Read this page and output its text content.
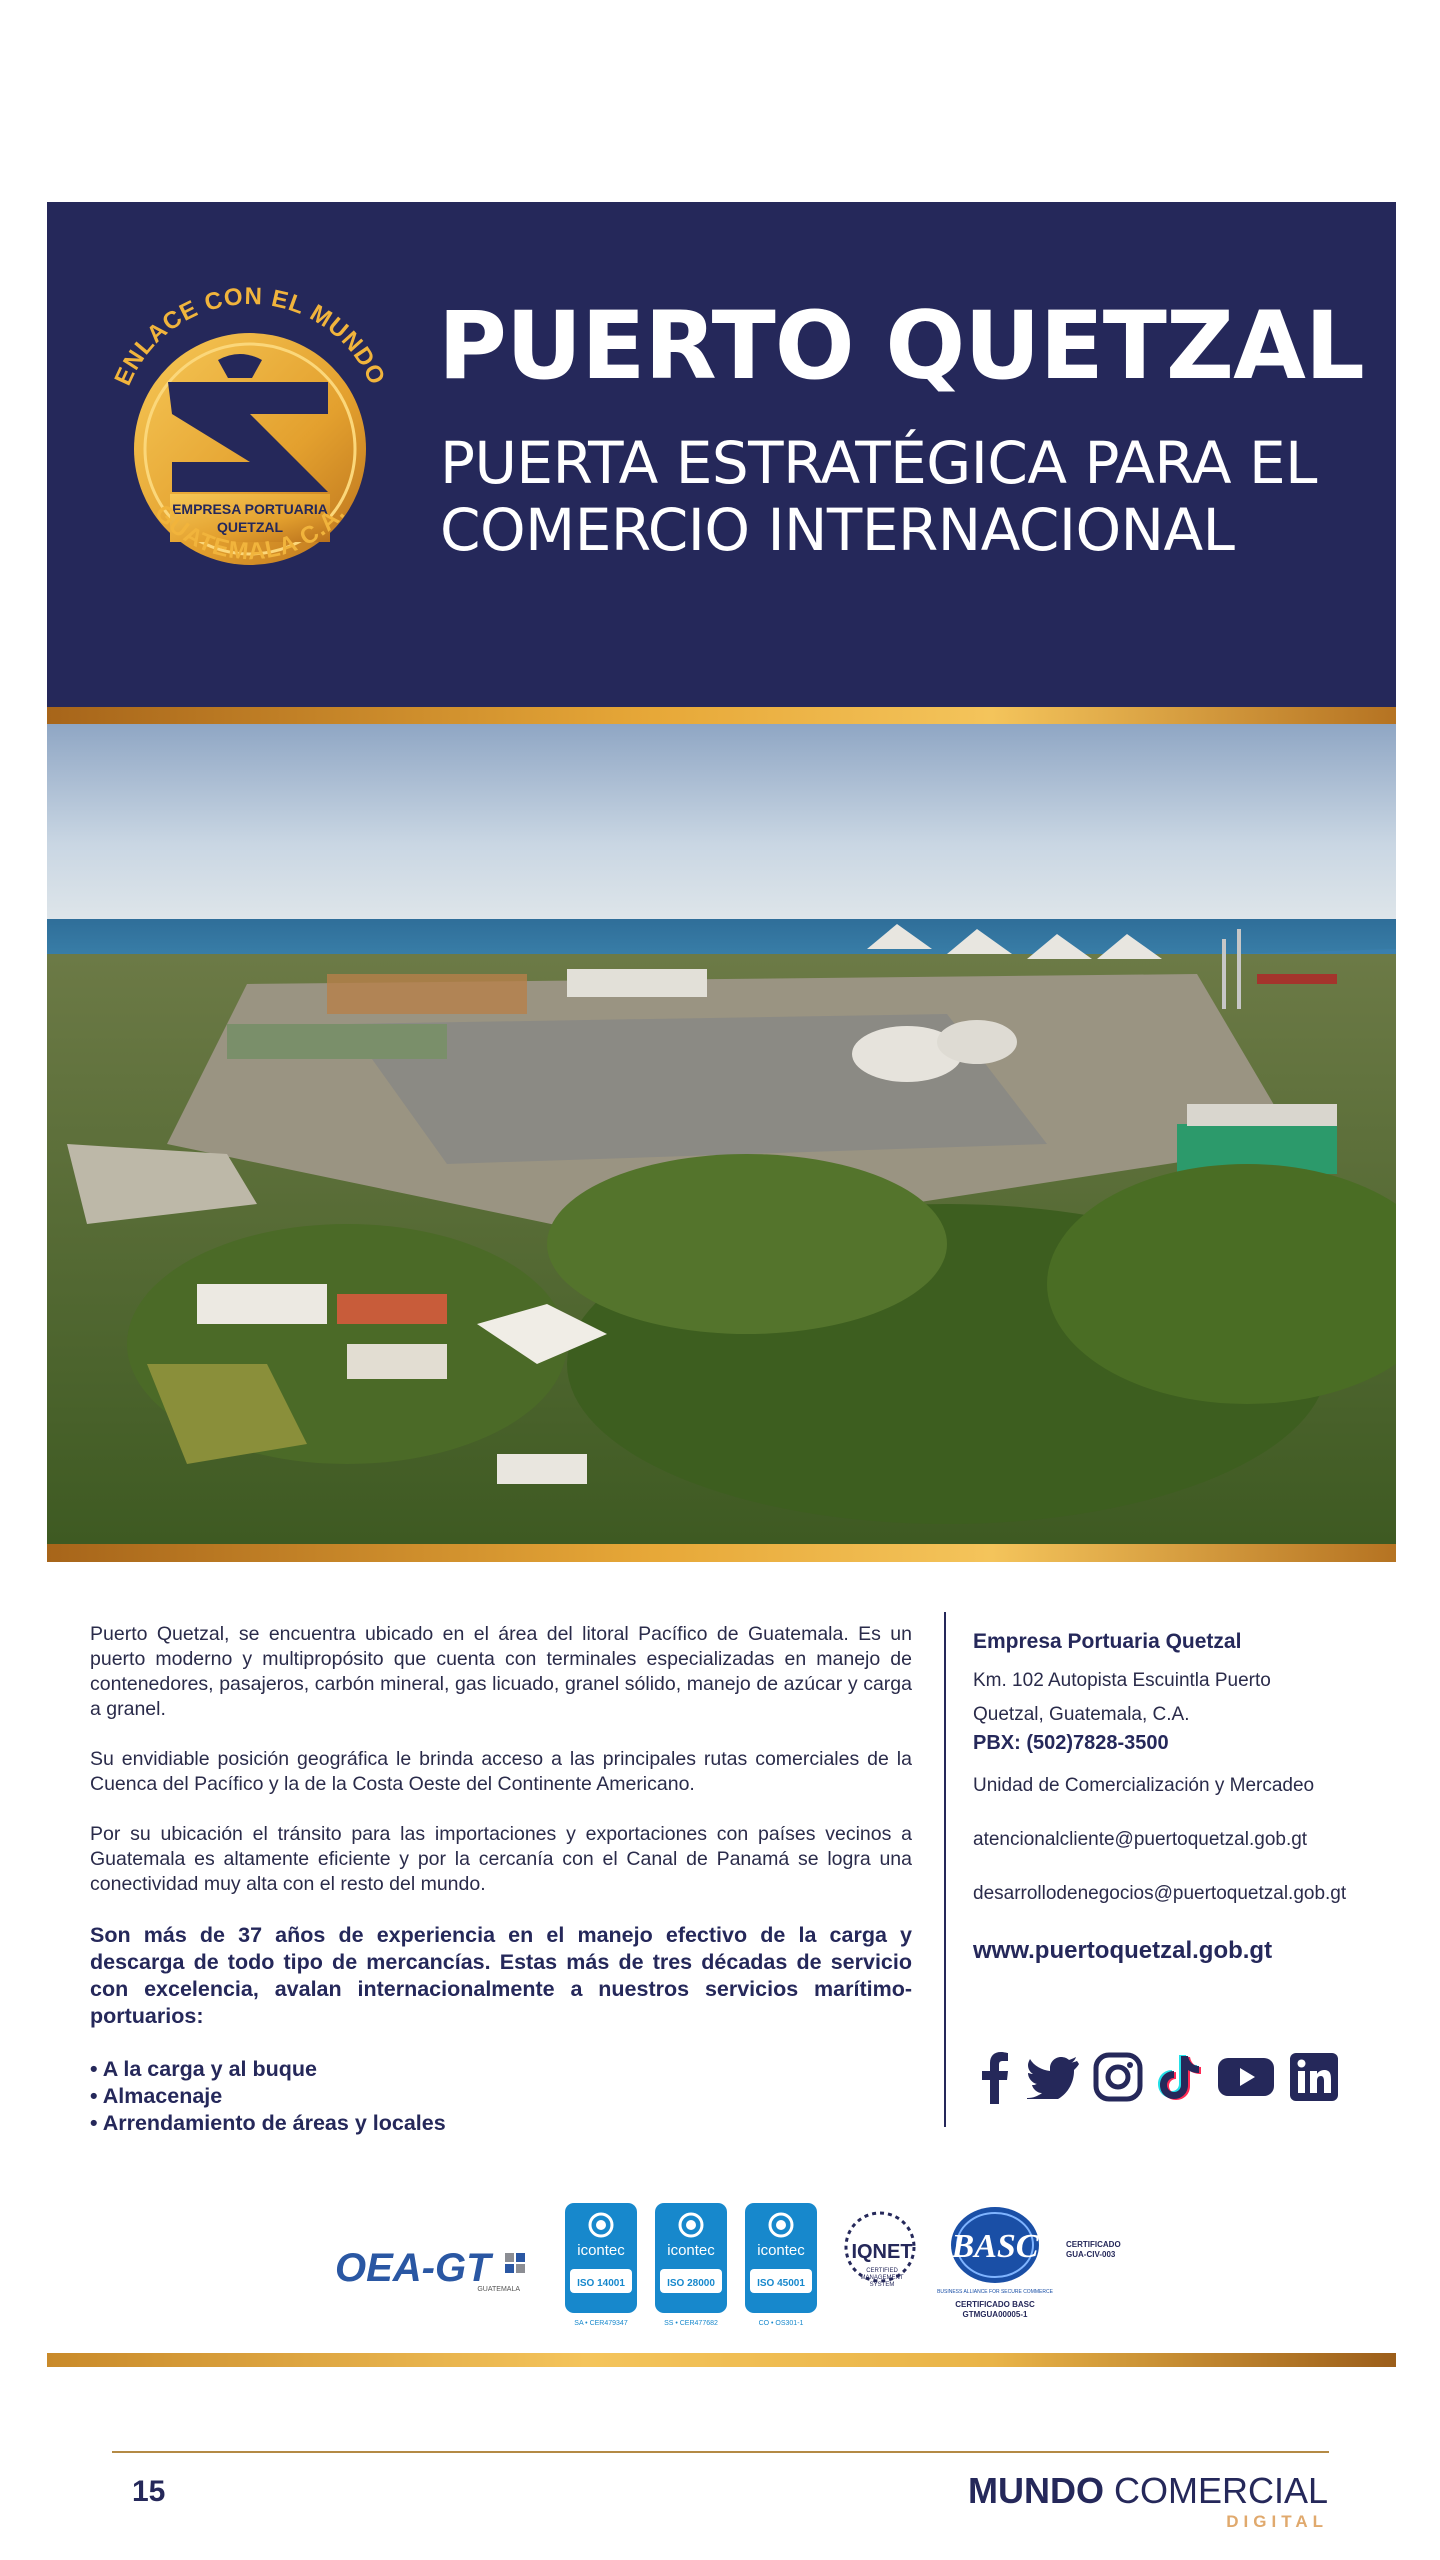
ENLACE CON EL MUNDO
EMPRESA PORTUARIA
QUETZAL
GUATEMALA C.A.
PUERTO QUETZAL
PUERTA ESTRATÉGICA PARA EL
COMERCIO INTERNACIONAL

Puerto Quetzal, se encuentra ubicado en el área del litoral Pacífico de Guatemala. Es un puerto moderno y multipropósito que cuenta con terminales especializadas en manejo de contenedores, pasajeros, carbón mineral, gas licuado, granel sólido, manejo de azúcar y carga a granel.

Su envidiable posición geográfica le brinda acceso a las principales rutas comerciales de la Cuenca del Pacífico y la de la Costa Oeste del Continente Americano.

Por su ubicación el tránsito para las importaciones y exportaciones con países vecinos a Guatemala es altamente eficiente y por la cercanía con el Canal de Panamá se logra una conectividad muy alta con el resto del mundo.

Son más de 37 años de experiencia en el manejo efectivo de la carga y descarga de todo tipo de mercancías. Estas más de tres décadas de servicio con excelencia, avalan internacionalmente a nuestros servicios marítimo-portuarios:

• A la carga y al buque
• Almacenaje
• Arrendamiento de áreas y locales

Empresa Portuaria Quetzal

Km. 102 Autopista Escuintla Puerto

Quetzal, Guatemala, C.A.

PBX: (502)7828-3500

Unidad de Comercialización y Mercadeo

atencionalcliente@puertoquetzal.gob.gt

desarrollodenegocios@puertoquetzal.gob.gt

www.puertoquetzal.gob.gt

OEA-GT
GUATEMALA
icontec
ISO 14001
SA • CER479347
icontec
ISO 28000
SS • CER477682
icontec
ISO 45001
CO • OS301-1
IQNET
CERTIFIED
MANAGEMENT
SYSTEM
BASC
BUSINESS ALLIANCE FOR SECURE COMMERCE
CERTIFICADO BASC
GTMGUA00005-1
CERTIFICADO
GUA-CIV-003
15	MUNDO COMERCIAL
DIGITAL
